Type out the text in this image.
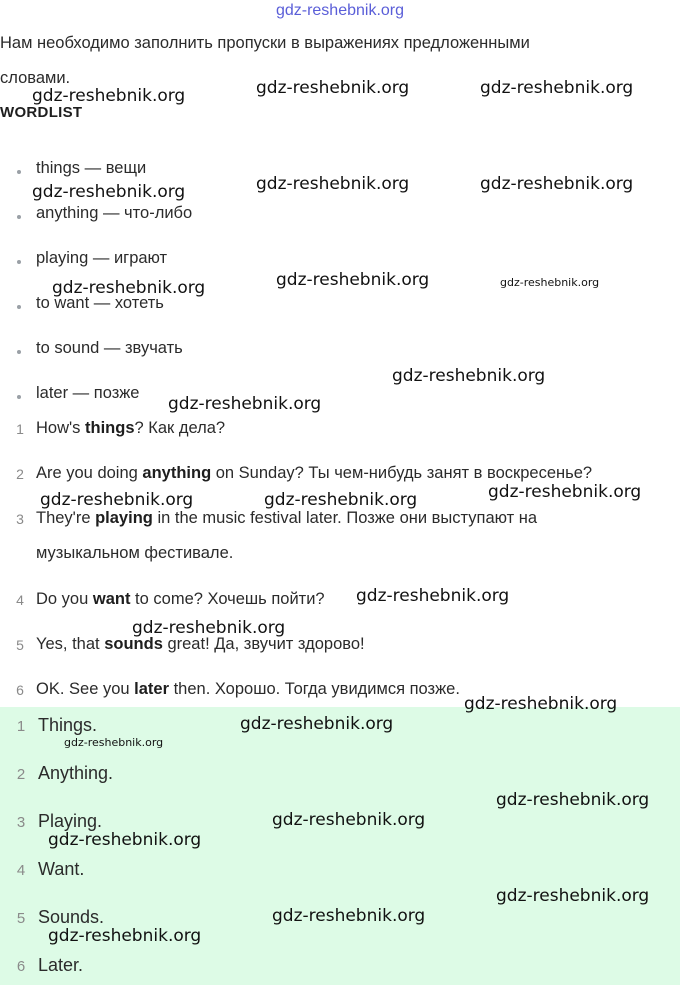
gdz-reshebnik.org
Нам необходимо заполнить пропуски в выражениях предложенными
словами.
WORDLIST
things — вещи
anything — что-либо
playing — играют
to want — хотеть
to sound — звучать
later — позже
1 How's things? Как дела?
2 Are you doing anything on Sunday? Ты чем-нибудь занят в воскресенье?
3 They're playing in the music festival later. Позже они выступают на
музыкальном фестивале.
4 Do you want to come? Хочешь пойти?
5 Yes, that sounds great! Да, звучит здорово!
6 OK. See you later then. Хорошо. Тогда увидимся позже.
1 Things.
2 Anything.
3 Playing.
4 Want.
5 Sounds.
6 Later.
gdz-reshebnik.org	gdz-reshebnik.org	gdz-reshebnik.org
gdz-reshebnik.org	gdz-reshebnik.org	gdz-reshebnik.org
gdz-reshebnik.org	gdz-reshebnik.org	gdz-reshebnik.org
gdz-reshebnik.org
gdz-reshebnik.org
gdz-reshebnik.org	gdz-reshebnik.org	gdz-reshebnik.org
gdz-reshebnik.org
gdz-reshebnik.org
gdz-reshebnik.org
gdz-reshebnik.org
gdz-reshebnik.org
gdz-reshebnik.org
gdz-reshebnik.org
gdz-reshebnik.org
gdz-reshebnik.org
gdz-reshebnik.org
gdz-reshebnik.org
